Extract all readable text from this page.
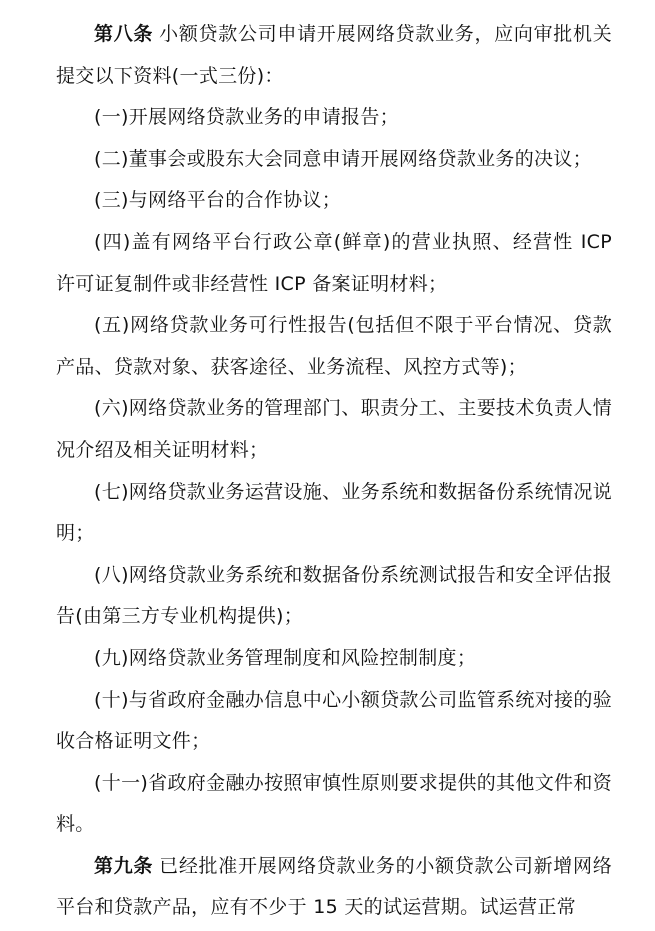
第八条 小额贷款公司申请开展网络贷款业务，应向审批机关提交以下资料(一式三份)：

(一)开展网络贷款业务的申请报告；

(二)董事会或股东大会同意申请开展网络贷款业务的决议；

(三)与网络平台的合作协议；

(四)盖有网络平台行政公章(鲜章)的营业执照、经营性 ICP 许可证复制件或非经营性 ICP 备案证明材料；

(五)网络贷款业务可行性报告(包括但不限于平台情况、贷款产品、贷款对象、获客途径、业务流程、风控方式等)；

(六)网络贷款业务的管理部门、职责分工、主要技术负责人情况介绍及相关证明材料；

(七)网络贷款业务运营设施、业务系统和数据备份系统情况说明；

(八)网络贷款业务系统和数据备份系统测试报告和安全评估报告(由第三方专业机构提供)；

(九)网络贷款业务管理制度和风险控制制度；

(十)与省政府金融办信息中心小额贷款公司监管系统对接的验收合格证明文件；

(十一)省政府金融办按照审慎性原则要求提供的其他文件和资料。

第九条 已经批准开展网络贷款业务的小额贷款公司新增网络平台和贷款产品，应有不少于 15 天的试运营期。试运营正常
